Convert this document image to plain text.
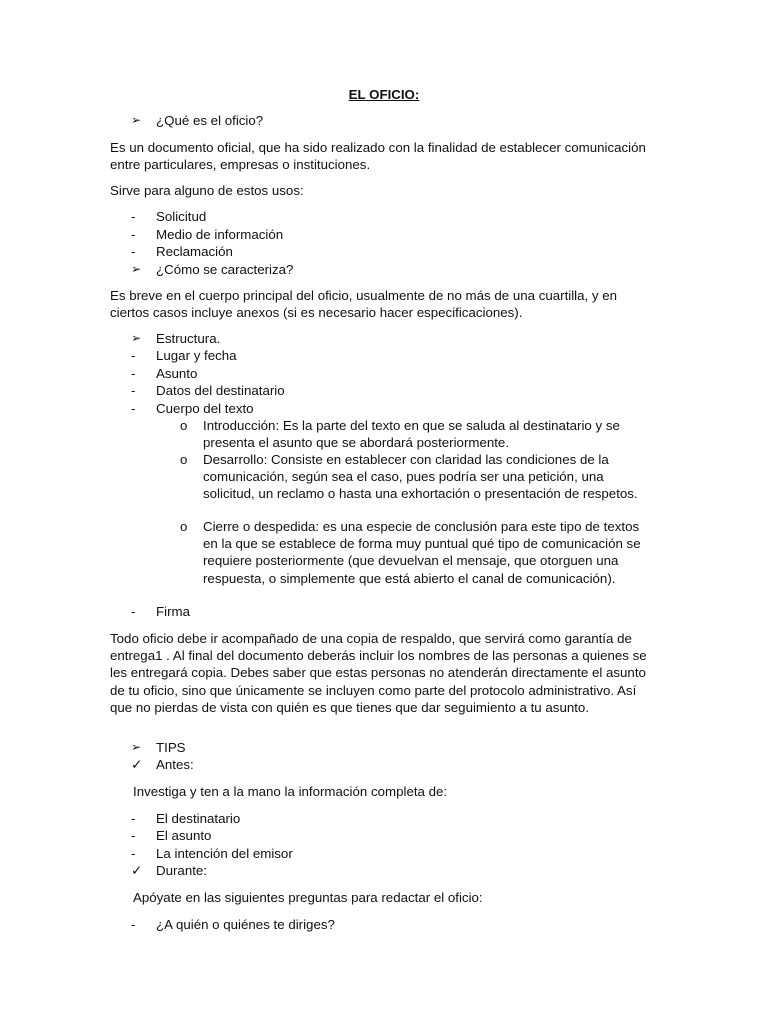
EL OFICIO:
➢	¿Qué es el oficio?

Es un documento oficial, que ha sido realizado con la finalidad de establecer comunicación entre particulares, empresas o instituciones.

Sirve para alguno de estos usos:

-	Solicitud
-	Medio de información
-	Reclamación
➢	¿Cómo se caracteriza?

Es breve en el cuerpo principal del oficio, usualmente de no más de una cuartilla, y en ciertos casos incluye anexos (si es necesario hacer especificaciones).

➢	Estructura.
-	Lugar y fecha
-	Asunto
-	Datos del destinatario
-	Cuerpo del texto
o	Introducción: Es la parte del texto en que se saluda al destinatario y se presenta el asunto que se abordará posteriormente.
o	Desarrollo: Consiste en establecer con claridad las condiciones de la comunicación, según sea el caso, pues podría ser una petición, una solicitud, un reclamo o hasta una exhortación o presentación de respetos.
o	Cierre o despedida: es una especie de conclusión para este tipo de textos en la que se establece de forma muy puntual qué tipo de comunicación se requiere posteriormente (que devuelvan el mensaje, que otorguen una respuesta, o simplemente que está abierto el canal de comunicación).
-	Firma

Todo oficio debe ir acompañado de una copia de respaldo, que servirá como garantía de entrega1 . Al final del documento deberás incluir los nombres de las personas a quienes se les entregará copia. Debes saber que estas personas no atenderán directamente el asunto de tu oficio, sino que únicamente se incluyen como parte del protocolo administrativo. Así que no pierdas de vista con quién es que tienes que dar seguimiento a tu asunto.

➢	TIPS
✓	Antes:

Investiga y ten a la mano la información completa de:

-	El destinatario
-	El asunto
-	La intención del emisor
✓	Durante:

Apóyate en las siguientes preguntas para redactar el oficio:

-	¿A quién o quiénes te diriges?
